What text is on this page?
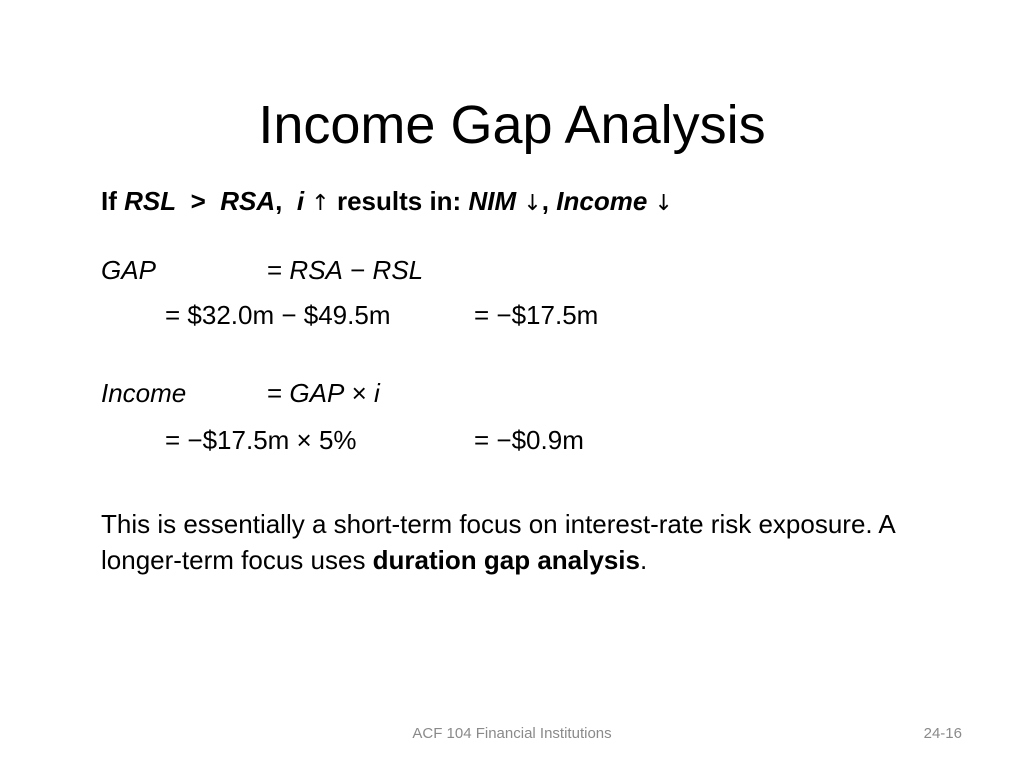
Income Gap Analysis
If RSL > RSA, i ↑ results in: NIM ↓, Income ↓
GAP	= RSA − RSL
= $32.0m − $49.5m	= −$17.5m
Income	= GAP × i
= −$17.5m × 5%	= −$0.9m

This is essentially a short-term focus on interest-rate risk exposure. A longer-term focus uses duration gap analysis.

ACF 104 Financial Institutions	24-16
